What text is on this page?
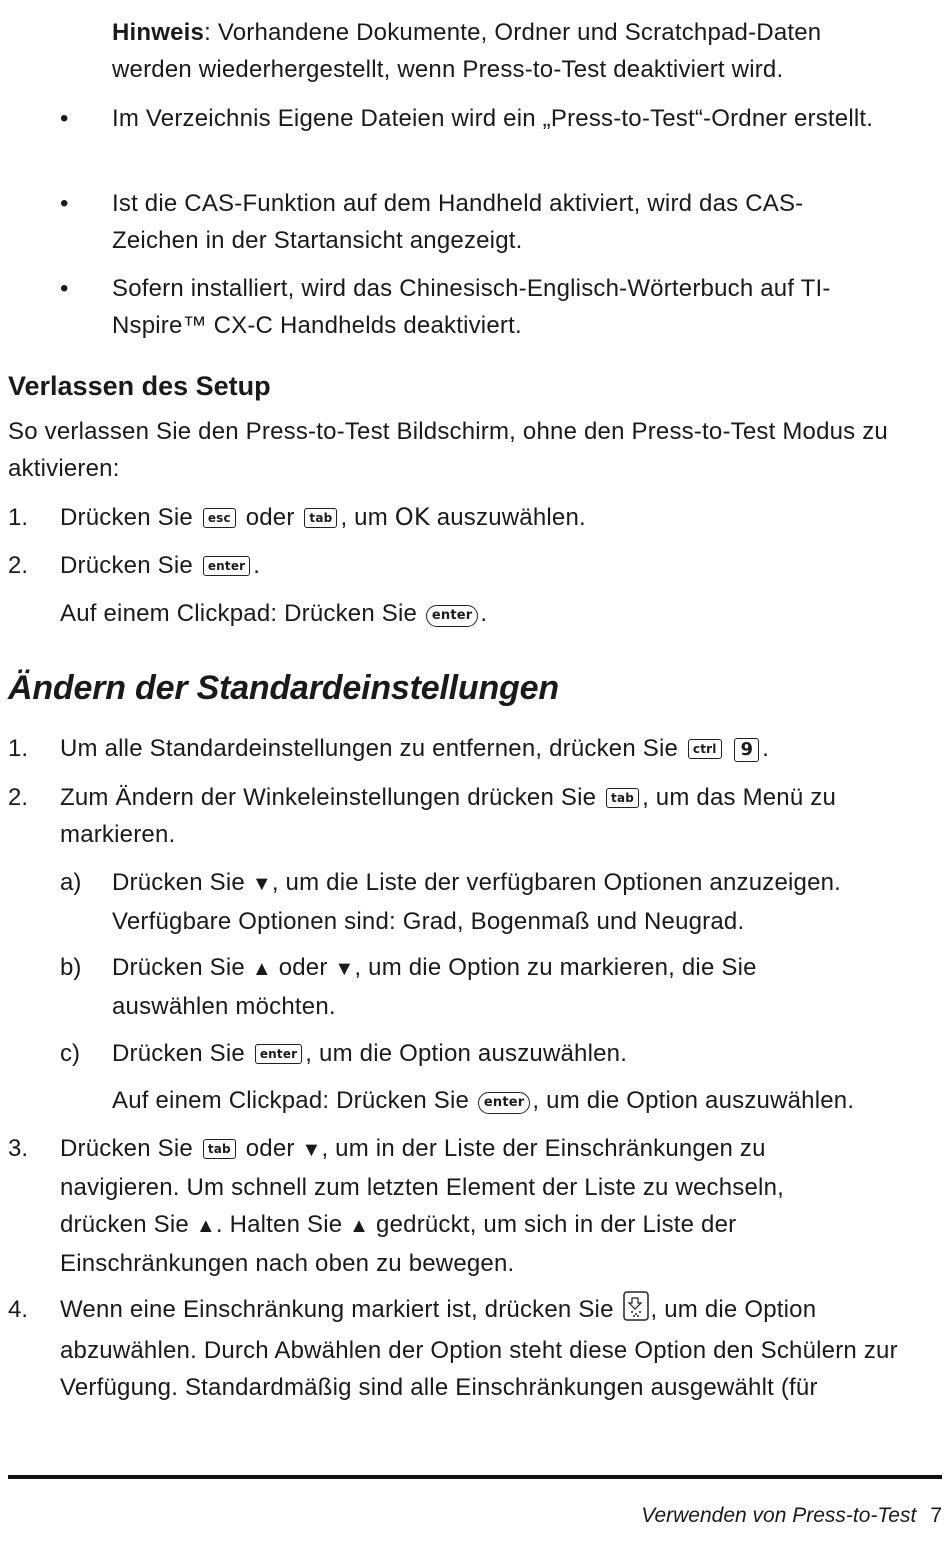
Hinweis: Vorhandene Dokumente, Ordner und Scratchpad-Daten werden wiederhergestellt, wenn Press-to-Test deaktiviert wird.
• Im Verzeichnis Eigene Dateien wird ein „Press-to-Test“-Ordner erstellt.
• Ist die CAS-Funktion auf dem Handheld aktiviert, wird das CAS-Zeichen in der Startansicht angezeigt.
• Sofern installiert, wird das Chinesisch-Englisch-Wörterbuch auf TI-Nspire™ CX-C Handhelds deaktiviert.
Verlassen des Setup
So verlassen Sie den Press-to-Test Bildschirm, ohne den Press-to-Test Modus zu aktivieren:
1. Drücken Sie esc oder tab , um OK auszuwählen.
2. Drücken Sie enter .
Auf einem Clickpad: Drücken Sie enter .
Ändern der Standardeinstellungen
1. Um alle Standardeinstellungen zu entfernen, drücken Sie ctrl 9 .
2. Zum Ändern der Winkeleinstellungen drücken Sie tab , um das Menü zu markieren.
a) Drücken Sie ▼, um die Liste der verfügbaren Optionen anzuzeigen. Verfügbare Optionen sind: Grad, Bogenmaß und Neugrad.
b) Drücken Sie ▲ oder ▼, um die Option zu markieren, die Sie auswählen möchten.
c) Drücken Sie enter , um die Option auszuwählen.
Auf einem Clickpad: Drücken Sie enter , um die Option auszuwählen.
3. Drücken Sie tab oder ▼, um in der Liste der Einschränkungen zu navigieren. Um schnell zum letzten Element der Liste zu wechseln, drücken Sie ▲. Halten Sie ▲ gedrückt, um sich in der Liste der Einschränkungen nach oben zu bewegen.
4. Wenn eine Einschränkung markiert ist, drücken Sie , um die Option abzuwählen. Durch Abwählen der Option steht diese Option den Schülern zur Verfügung. Standardmäßig sind alle Einschränkungen ausgewählt (für
Verwenden von Press-to-Test 7
